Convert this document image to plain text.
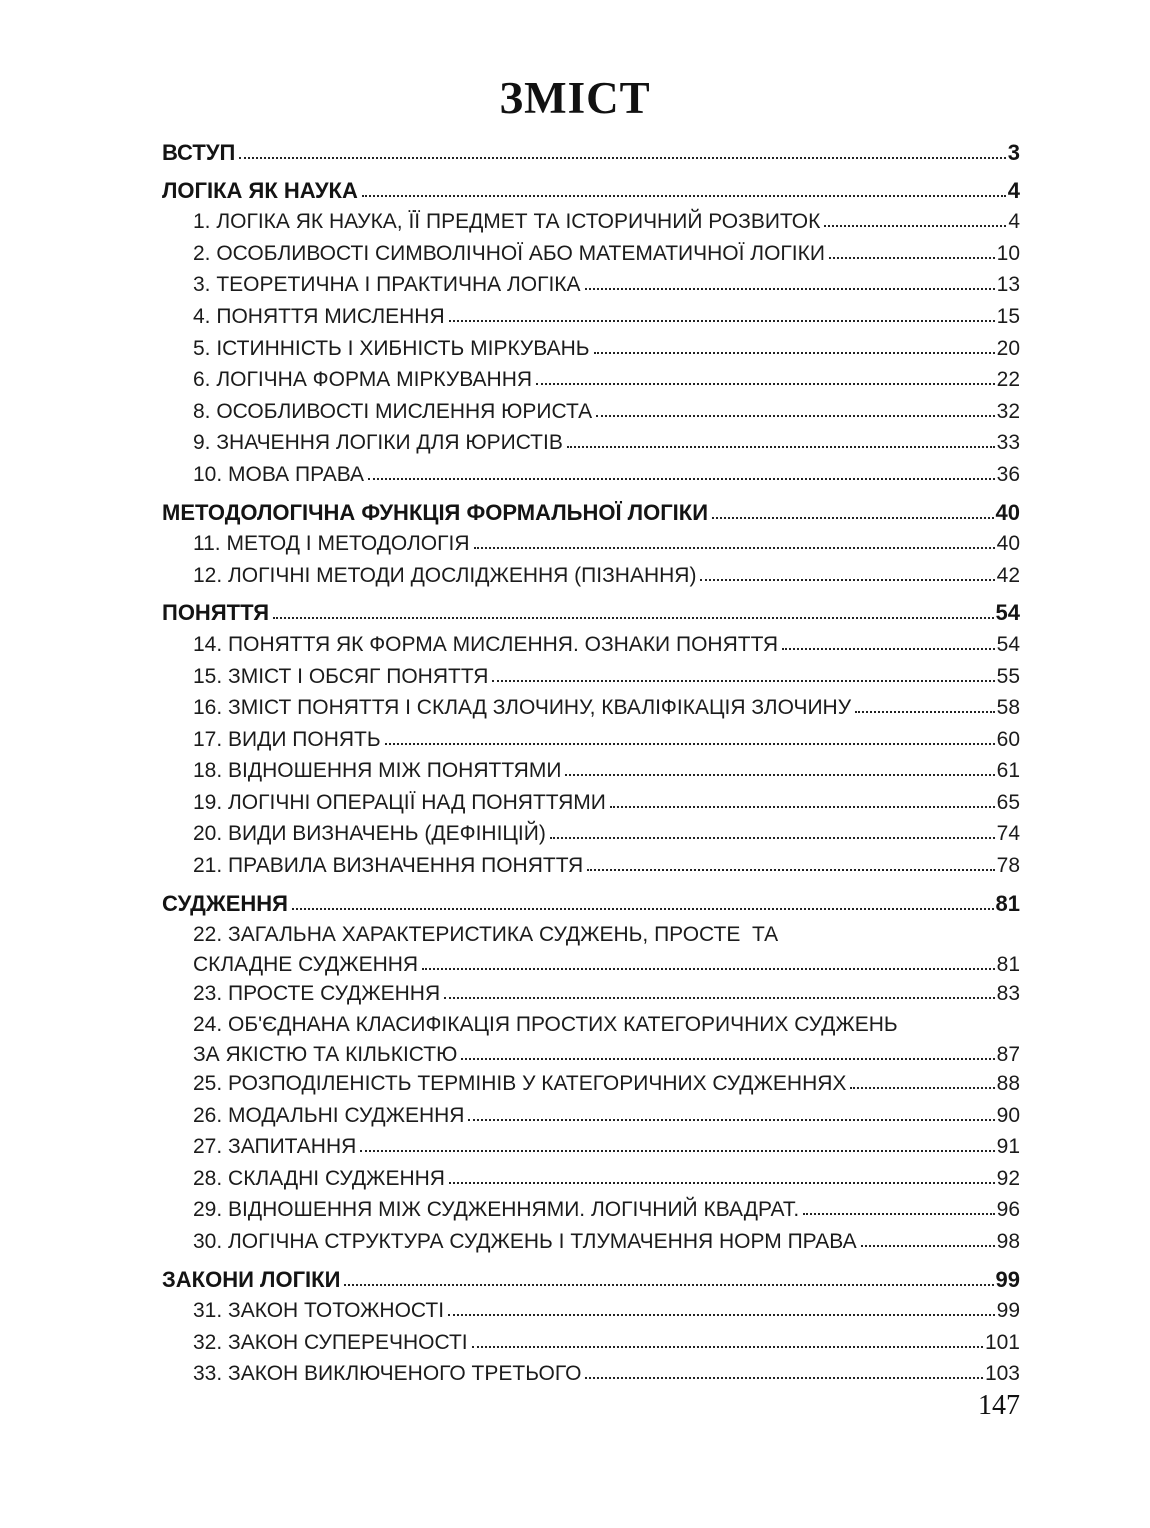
ЗМІСТ
ВСТУП	3
ЛОГІКА ЯК НАУКА	4
1. ЛОГІКА ЯК НАУКА, ЇЇ ПРЕДМЕТ ТА ІСТОРИЧНИЙ РОЗВИТОК	4
2. ОСОБЛИВОСТІ СИМВОЛІЧНОЇ АБО МАТЕМАТИЧНОЇ ЛОГІКИ	10
3. ТЕОРЕТИЧНА І ПРАКТИЧНА ЛОГІКА	13
4. ПОНЯТТЯ МИСЛЕННЯ	15
5. ІСТИННІСТЬ І ХИБНІСТЬ МІРКУВАНЬ	20
6. ЛОГІЧНА ФОРМА МІРКУВАННЯ	22
8. ОСОБЛИВОСТІ МИСЛЕННЯ ЮРИСТА	32
9. ЗНАЧЕННЯ ЛОГІКИ ДЛЯ ЮРИСТІВ	33
10. МОВА ПРАВА	36
МЕТОДОЛОГІЧНА ФУНКЦІЯ ФОРМАЛЬНОЇ ЛОГІКИ	40
11. МЕТОД І МЕТОДОЛОГІЯ	40
12. ЛОГІЧНІ МЕТОДИ ДОСЛІДЖЕННЯ (ПІЗНАННЯ)	42
ПОНЯТТЯ	54
14. ПОНЯТТЯ ЯК ФОРМА МИСЛЕННЯ. ОЗНАКИ ПОНЯТТЯ	54
15. ЗМІСТ І ОБСЯГ ПОНЯТТЯ	55
16. ЗМІСТ ПОНЯТТЯ І СКЛАД ЗЛОЧИНУ, КВАЛІФІКАЦІЯ ЗЛОЧИНУ	58
17. ВИДИ ПОНЯТЬ	60
18. ВІДНОШЕННЯ МІЖ ПОНЯТТЯМИ	61
19. ЛОГІЧНІ ОПЕРАЦІЇ НАД ПОНЯТТЯМИ	65
20. ВИДИ ВИЗНАЧЕНЬ (ДЕФІНІЦІЙ)	74
21. ПРАВИЛА ВИЗНАЧЕННЯ ПОНЯТТЯ	78
СУДЖЕННЯ	81
22. ЗАГАЛЬНА ХАРАКТЕРИСТИКА СУДЖЕНЬ, ПРОСТЕ  ТА
СКЛАДНЕ СУДЖЕННЯ	81
23. ПРОСТЕ СУДЖЕННЯ	83
24. ОБ'ЄДНАНА КЛАСИФІКАЦІЯ ПРОСТИХ КАТЕГОРИЧНИХ СУДЖЕНЬ
ЗА ЯКІСТЮ ТА КІЛЬКІСТЮ	87
25. РОЗПОДІЛЕНІСТЬ ТЕРМІНІВ У КАТЕГОРИЧНИХ СУДЖЕННЯХ	88
26. МОДАЛЬНІ СУДЖЕННЯ	90
27. ЗАПИТАННЯ	91
28. СКЛАДНІ СУДЖЕННЯ	92
29. ВІДНОШЕННЯ МІЖ СУДЖЕННЯМИ. ЛОГІЧНИЙ КВАДРАТ.	96
30. ЛОГІЧНА СТРУКТУРА СУДЖЕНЬ І ТЛУМАЧЕННЯ НОРМ ПРАВА	98
ЗАКОНИ ЛОГІКИ	99
31. ЗАКОН ТОТОЖНОСТІ	99
32. ЗАКОН СУПЕРЕЧНОСТІ	101
33. ЗАКОН ВИКЛЮЧЕНОГО ТРЕТЬОГО	103
147
